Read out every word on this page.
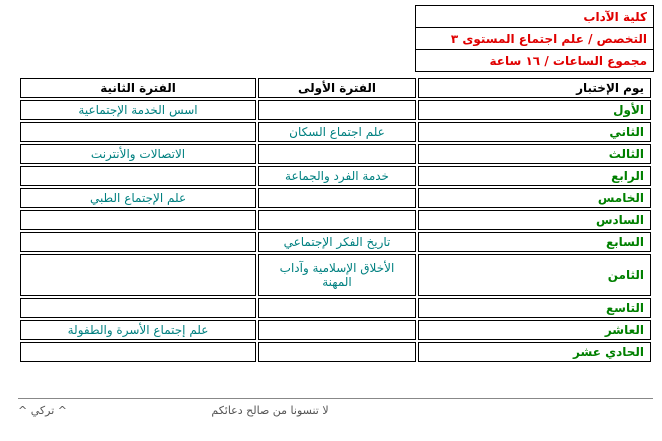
كلية الآداب
التخصص / علم اجتماع المستوى ٣
مجموع الساعات / ١٦ ساعة
يوم الإختبار	الفترة الأولى	الفترة الثانية
الأول		اسس الخدمة الإجتماعية
الثاني	علم اجتماع السكان	
الثالث		الاتصالات والأنترنت
الرابع	خدمة الفرد والجماعة	
الخامس		علم الإجتماع الطبي
السادس		
السابع	تاريخ الفكر الإجتماعي	
الثامن	الأخلاق الإسلامية وآداب المهنة	
التاسع		
العاشر		علم إجتماع الأسرة والطفولة
الحادي عشر		
لا تنسونا من صالح دعائكم
^ تركي ^
